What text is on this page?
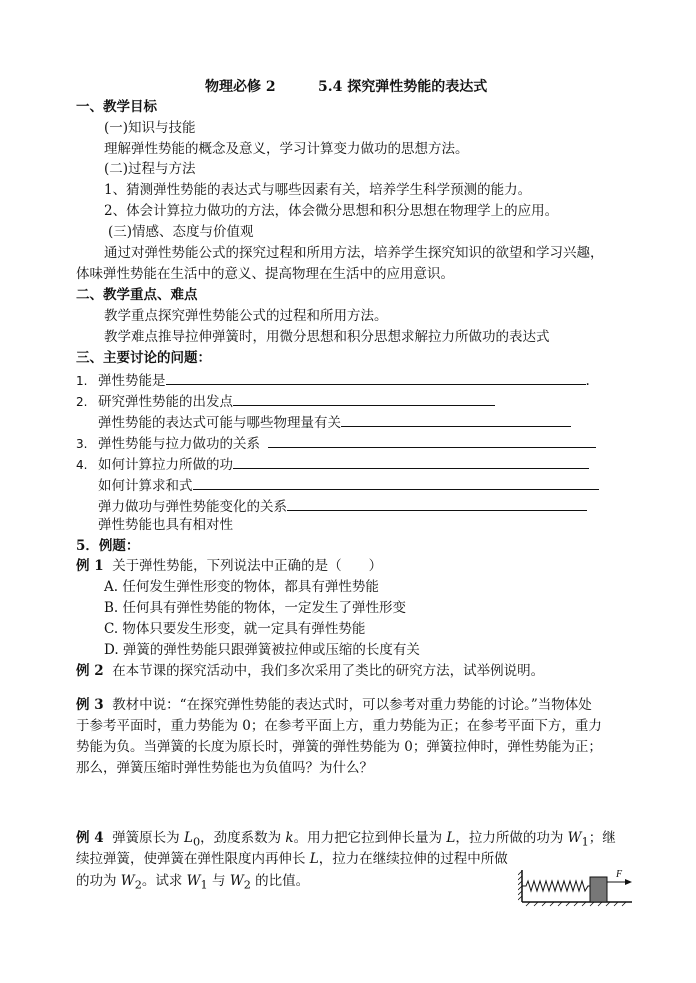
物理必修 2	5.4 探究弹性势能的表达式
一、教学目标
(一)知识与技能
理解弹性势能的概念及意义，学习计算变力做功的思想方法。
(二)过程与方法
1、猜测弹性势能的表达式与哪些因素有关，培养学生科学预测的能力。
2、体会计算拉力做功的方法，体会微分思想和积分思想在物理学上的应用。
(三)情感、态度与价值观
通过对弹性势能公式的探究过程和所用方法，培养学生探究知识的欲望和学习兴趣，
体味弹性势能在生活中的意义、提高物理在生活中的应用意识。
二、教学重点、难点
教学重点探究弹性势能公式的过程和所用方法。
教学难点推导拉伸弹簧时，用微分思想和积分思想求解拉力所做功的表达式
三、主要讨论的问题：
1. 弹性势能是	.
2. 研究弹性势能的出发点
弹性势能的表达式可能与哪些物理量有关
3. 弹性势能与拉力做功的关系
4. 如何计算拉力所做的功
如何计算求和式
弹力做功与弹性势能变化的关系
弹性势能也具有相对性
5．例题：
例 1 关于弹性势能，下列说法中正确的是（　　）
A. 任何发生弹性形变的物体，都具有弹性势能
B. 任何具有弹性势能的物体，一定发生了弹性形变
C. 物体只要发生形变，就一定具有弹性势能
D. 弹簧的弹性势能只跟弹簧被拉伸或压缩的长度有关
例 2 在本节课的探究活动中，我们多次采用了类比的研究方法，试举例说明。
例 3 教材中说：“在探究弹性势能的表达式时，可以参考对重力势能的讨论。”当物体处
于参考平面时，重力势能为 0；在参考平面上方，重力势能为正；在参考平面下方，重力
势能为负。当弹簧的长度为原长时，弹簧的弹性势能为 0；弹簧拉伸时，弹性势能为正；
那么，弹簧压缩时弹性势能也为负值吗？为什么？
例 4 弹簧原长为 $L_0$，劲度系数为 k。用力把它拉到伸长量为 L，拉力所做的功为 $W_1$；继
续拉弹簧，使弹簧在弹性限度内再伸长 L，拉力在继续拉伸的过程中所做
的功为 $W_2$。试求 $W_1$ 与 $W_2$ 的比值。	F
